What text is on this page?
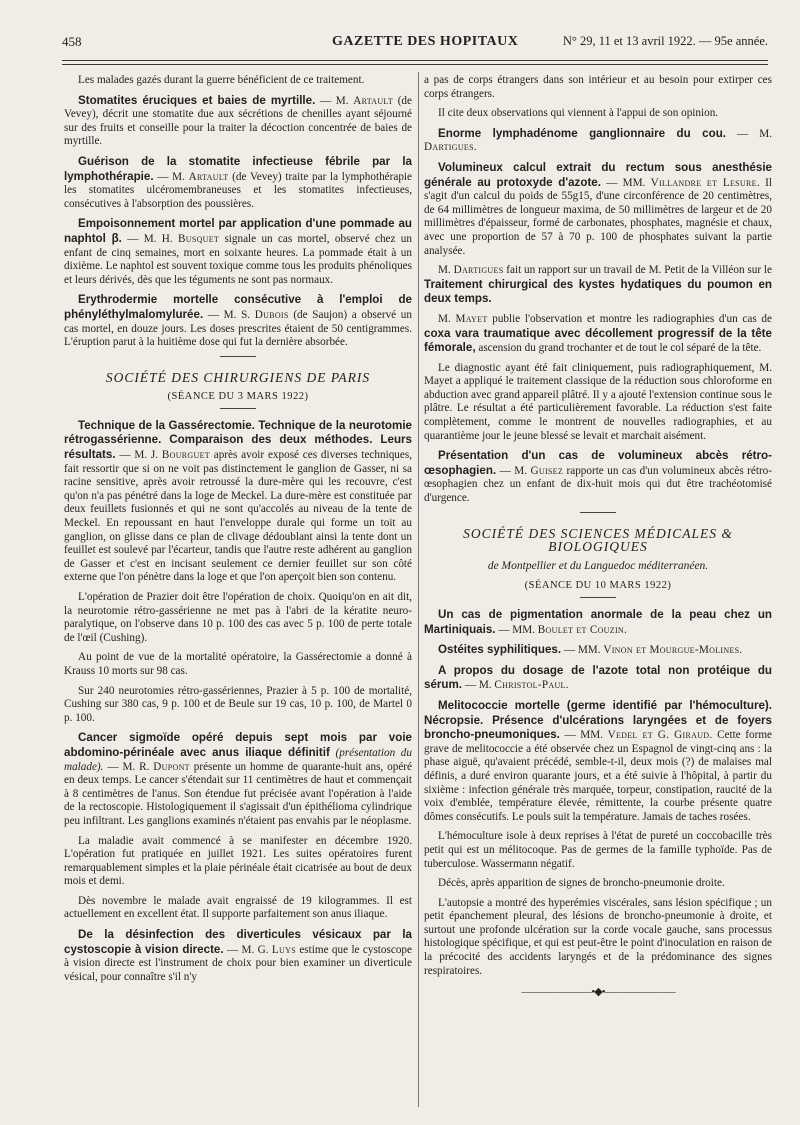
458	GAZETTE DES HOPITAUX	N° 29, 11 et 13 avril 1922. — 95e année.

Les malades gazés durant la guerre bénéficient de ce traitement.

Stomatites éruciques et baies de myrtille. — M. Artault (de Vevey), décrit une stomatite due aux sécrétions de chenilles ayant séjourné sur des fruits et conseille pour la traiter la décoction concentrée de baies de myrtille.

Guérison de la stomatite infectieuse fébrile par la lymphothérapie. — M. Artault (de Vevey) traite par la lymphothérapie les stomatites ulcéromembraneuses et les stomatites infectieuses, consécutives à l'absorption des poussières.

Empoisonnement mortel par application d'une pommade au naphtol β. — M. H. Busquet signale un cas mortel, observé chez un enfant de cinq semaines, mort en soixante heures. La pommade était à un dixième. Le naphtol est souvent toxique comme tous les produits phénoliques et leurs dérivés, dès que les téguments ne sont pas normaux.

Erythrodermie mortelle consécutive à l'emploi de phényléthylmalomylurée. — M. S. Dubois (de Saujon) a observé un cas mortel, en douze jours. Les doses prescrites étaient de 50 centigrammes. L'éruption parut à la huitième dose qui fut la dernière absorbée.

SOCIÉTÉ DES CHIRURGIENS DE PARIS
(SÉANCE DU 3 MARS 1922)

Technique de la Gassérectomie. Technique de la neurotomie rétrogassérienne. Comparaison des deux méthodes. Leurs résultats. — M. J. Bourguet après avoir exposé ces diverses techniques, fait ressortir que si on ne voit pas distinctement le ganglion de Gasser, ni sa racine sensitive, après avoir retroussé la dure-mère qui les recouvre, c'est qu'on n'a pas pénétré dans la loge de Meckel. La dure-mère est constituée par deux feuillets fusionnés et qui ne sont qu'accolés au niveau de la tente de Meckel. En repoussant en haut l'enveloppe durale qui forme un toit au ganglion, on glisse dans ce plan de clivage dédoublant ainsi la tente dont un feuillet est soulevé par l'écarteur, tandis que l'autre reste adhérent au ganglion de Gasser et c'est en incisant seulement ce dernier feuillet sur son côté externe que l'on pénètre dans la loge et que l'on aperçoit bien son contenu.

L'opération de Prazier doit être l'opération de choix. Quoiqu'on en ait dit, la neurotomie rétro-gassérienne ne met pas à l'abri de la kératite neuro-paralytique, on l'observe dans 10 p. 100 des cas avec 5 p. 100 de perte totale de l'œil (Cushing).

Au point de vue de la mortalité opératoire, la Gassérectomie a donné à Krauss 10 morts sur 98 cas.

Sur 240 neurotomies rétro-gassériennes, Prazier à 5 p. 100 de mortalité, Cushing sur 380 cas, 9 p. 100 et de Beule sur 19 cas, 10 p. 100, de Martel 0 p. 100.

Cancer sigmoïde opéré depuis sept mois par voie abdomino-périnéale avec anus iliaque définitif (présentation du malade). — M. R. Dupont présente un homme de quarante-huit ans, opéré en deux temps. Le cancer s'étendait sur 11 centimètres de haut et commençait à 8 centimètres de l'anus. Son étendue fut précisée avant l'opération à l'aide de la rectoscopie. Histologiquement il s'agissait d'un épithélioma cylindrique peu infiltrant. Les ganglions examinés n'étaient pas envahis par le néoplasme.

La maladie avait commencé à se manifester en décembre 1920. L'opération fut pratiquée en juillet 1921. Les suites opératoires furent remarquablement simples et la plaie périnéale était cicatrisée au bout de deux mois et demi.

Dès novembre le malade avait engraissé de 19 kilogrammes. Il est actuellement en excellent état. Il supporte parfaitement son anus iliaque.

De la désinfection des diverticules vésicaux par la cystoscopie à vision directe. — M. G. Luys estime que le cystoscope à vision directe est l'instrument de choix pour bien examiner un diverticule vésical, pour connaître s'il n'y

a pas de corps étrangers dans son intérieur et au besoin pour extirper ces corps étrangers.

Il cite deux observations qui viennent à l'appui de son opinion.

Enorme lymphadénome ganglionnaire du cou. — M. Dartigues.

Volumineux calcul extrait du rectum sous anesthésie générale au protoxyde d'azote. — MM. Villandre et Lesure. Il s'agit d'un calcul du poids de 55g15, d'une circonférence de 20 centimètres, de 64 millimètres de longueur maxima, de 50 millimètres de largeur et de 20 millimètres d'épaisseur, formé de carbonates, phosphates, magnésie et chaux, avec une proportion de 57 à 70 p. 100 de phosphates suivant la partie analysée.

M. Dartigues fait un rapport sur un travail de M. Petit de la Villéon sur le Traitement chirurgical des kystes hydatiques du poumon en deux temps.

M. Mayet publie l'observation et montre les radiographies d'un cas de coxa vara traumatique avec décollement progressif de la tête fémorale, ascension du grand trochanter et de tout le col séparé de la tête.

Le diagnostic ayant été fait cliniquement, puis radiographiquement, M. Mayet a appliqué le traitement classique de la réduction sous chloroforme en abduction avec grand appareil plâtré. Il y a ajouté l'extension continue sous le plâtre. Le résultat a été particulièrement favorable. La réduction s'est faite complètement, comme le montrent de nouvelles radiographies, et au quarantième jour le jeune blessé se levait et marchait aisément.

Présentation d'un cas de volumineux abcès rétro-œsophagien. — M. Guisez rapporte un cas d'un volumineux abcès rétro-œsophagien chez un enfant de dix-huit mois qui dut être trachéotomisé d'urgence.

SOCIÉTÉ DES SCIENCES MÉDICALES & BIOLOGIQUES
de Montpellier et du Languedoc méditerranéen.
(SÉANCE DU 10 MARS 1922)

Un cas de pigmentation anormale de la peau chez un Martiniquais. — MM. Boulet et Couzin.

Ostéites syphilitiques. — MM. Vinon et Mourgue-Molines.

A propos du dosage de l'azote total non protéique du sérum. — M. Christol-Paul.

Melitococcie mortelle (germe identifié par l'hémoculture). Nécropsie. Présence d'ulcérations laryngées et de foyers broncho-pneumoniques. — MM. Vedel et G. Giraud. Cette forme grave de melitococcie a été observée chez un Espagnol de vingt-cinq ans : la phase aiguë, qu'avaient précédé, semble-t-il, deux mois (?) de malaises mal définis, a duré environ quarante jours, et a été suivie à l'hôpital, à partir du sixième : infection générale très marquée, torpeur, constipation, raucité de la voix d'emblée, température élevée, rémittente, la courbe présente quatre dômes consécutifs. Le pouls suit la température. Jamais de taches rosées.

L'hémoculture isole à deux reprises à l'état de pureté un coccobacille très petit qui est un mélitocoque. Pas de germes de la famille typhoïde. Pas de tuberculose. Wassermann négatif.

Décès, après apparition de signes de broncho-pneumonie droite.

L'autopsie a montré des hyperémies viscérales, sans lésion spécifique ; un petit épanchement pleural, des lésions de broncho-pneumonie à droite, et surtout une profonde ulcération sur la corde vocale gauche, sans processus histologique spécifique, et qui est peut-être le point d'inoculation en raison de la précocité des accidents laryngés et de la prédominance des signes respiratoires.

———————•◆•———————
